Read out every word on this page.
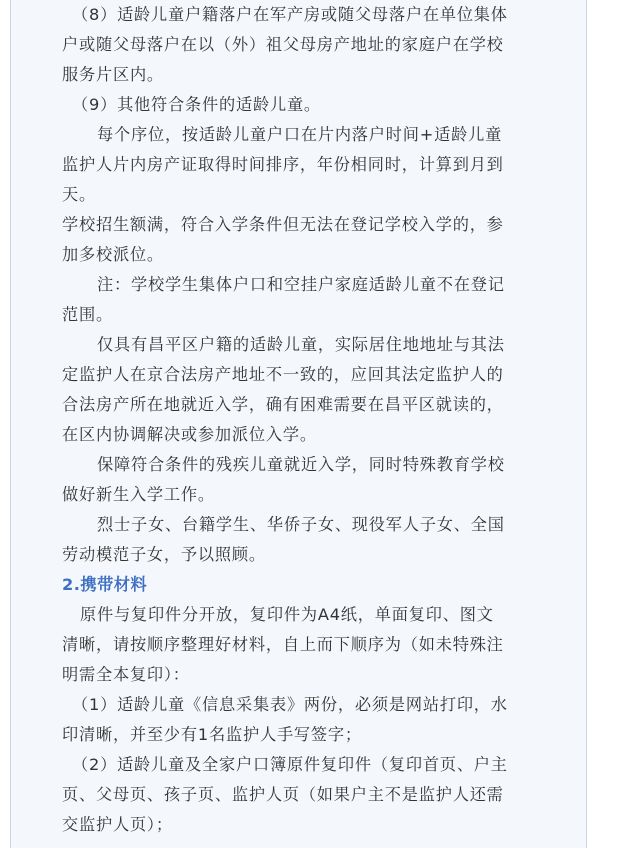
（8）适龄儿童户籍落户在军产房或随父母落户在单位集体

户或随父母落户在以（外）祖父母房产地址的家庭户在学校

服务片区内。

（9）其他符合条件的适龄儿童。

每个序位，按适龄儿童户口在片内落户时间+适龄儿童

监护人片内房产证取得时间排序，年份相同时，计算到月到

天。

学校招生额满，符合入学条件但无法在登记学校入学的，参

加多校派位。

注：学校学生集体户口和空挂户家庭适龄儿童不在登记

范围。

仅具有昌平区户籍的适龄儿童，实际居住地地址与其法

定监护人在京合法房产地址不一致的，应回其法定监护人的

合法房产所在地就近入学，确有困难需要在昌平区就读的，

在区内协调解决或参加派位入学。

保障符合条件的残疾儿童就近入学，同时特殊教育学校

做好新生入学工作。

烈士子女、台籍学生、华侨子女、现役军人子女、全国

劳动模范子女，予以照顾。

2.携带材料

原件与复印件分开放，复印件为A4纸，单面复印、图文

清晰，请按顺序整理好材料，自上而下顺序为（如未特殊注

明需全本复印）：

（1）适龄儿童《信息采集表》两份，必须是网站打印，水

印清晰，并至少有1名监护人手写签字；

（2）适龄儿童及全家户口簿原件复印件（复印首页、户主

页、父母页、孩子页、监护人页（如果户主不是监护人还需

交监护人页）；
